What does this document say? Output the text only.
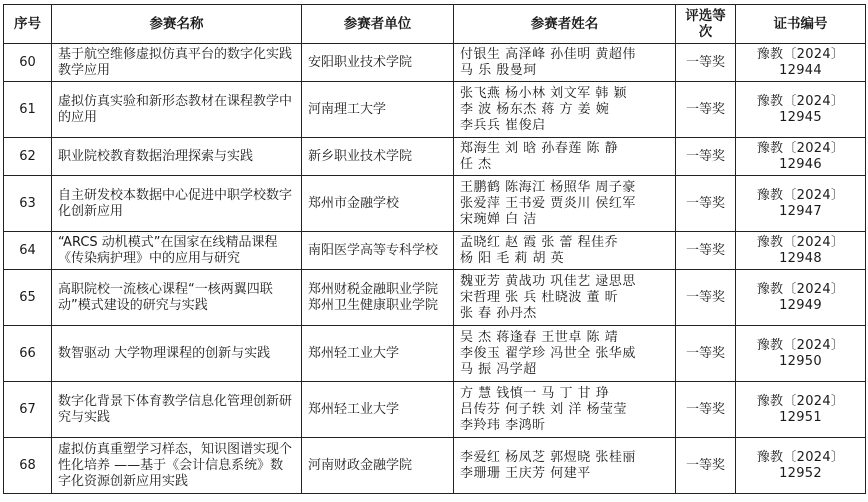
序号	参赛名称	参赛者单位	参赛者姓名	评选等次	证书编号
60	基于航空维修虚拟仿真平台的数字化实践教学应用	安阳职业技术学院	付银生 高泽峰 孙佳明 黄超伟
马 乐 殷曼珂	一等奖	豫教〔2024〕12944
61	虚拟仿真实验和新形态教材在课程教学中的应用	河南理工大学	张飞燕 杨小林 刘文军 韩 颖
李 波 杨东杰 蒋 方 姜 婉
李兵兵 崔俊启	一等奖	豫教〔2024〕12945
62	职业院校教育数据治理探索与实践	新乡职业技术学院	郑海生 刘 晗 孙春莲 陈 静
任 杰	一等奖	豫教〔2024〕12946
63	自主研发校本数据中心促进中职学校数字化创新应用	郑州市金融学校	王鹏鹤 陈海江 杨照华 周子豪
张爱萍 王书爱 贾炎川 侯红军
宋琬婵 白 洁	一等奖	豫教〔2024〕12947
64	“ARCS 动机模式”在国家在线精品课程《传染病护理》中的应用与研究	南阳医学高等专科学校	孟晓红 赵 霞 张 蕾 程佳乔
杨 阳 毛 莉 胡 英	一等奖	豫教〔2024〕12948
65	高职院校一流核心课程“一核两翼四联动”模式建设的研究与实践	郑州财税金融职业学院
郑州卫生健康职业学院	魏亚芳 黄战功 巩佳艺 逯思思
宋哲理 张 兵 杜晓波 董 昕
张 春 孙丹杰	一等奖	豫教〔2024〕12949
66	数智驱动 大学物理课程的创新与实践	郑州轻工业大学	吴 杰 蒋逢春 王世卓 陈 靖
李俊玉 翟学珍 冯世全 张华威
马 振 冯学超	一等奖	豫教〔2024〕12950
67	数字化背景下体育教学信息化管理创新研究与实践	郑州轻工业大学	方 慧 钱慎一 马 丁 甘 琤
吕传芬 何子轶 刘 洋 杨莹莹
李羚玮 李鸿昕	一等奖	豫教〔2024〕12951
68	虚拟仿真重塑学习样态，知识图谱实现个性化培养 ——基于《会计信息系统》数字化资源创新应用实践	河南财政金融学院	李爱红 杨凤芝 郭煜晓 张桂丽
李珊珊 王庆芳 何建平	一等奖	豫教〔2024〕12952
